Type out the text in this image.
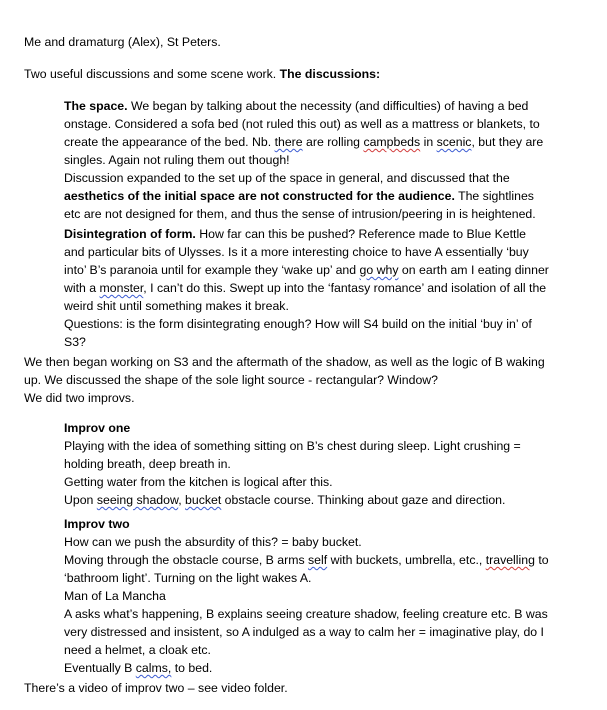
Me and dramaturg (Alex), St Peters.

Two useful discussions and some scene work. The discussions:

The space. We began by talking about the necessity (and difficulties) of having a bed
onstage. Considered a sofa bed (not ruled this out) as well as a mattress or blankets, to
create the appearance of the bed. Nb. there are rolling campbeds in scenic, but they are
singles. Again not ruling them out though!
Discussion expanded to the set up of the space in general, and discussed that the
aesthetics of the initial space are not constructed for the audience. The sightlines
etc are not designed for them, and thus the sense of intrusion/peering in is heightened.
Disintegration of form. How far can this be pushed? Reference made to Blue Kettle
and particular bits of Ulysses. Is it a more interesting choice to have A essentially ‘buy
into’ B’s paranoia until for example they ‘wake up’ and go why on earth am I eating dinner
with a monster, I can’t do this. Swept up into the ‘fantasy romance’ and isolation of all the
weird shit until something makes it break.
Questions: is the form disintegrating enough? How will S4 build on the initial ‘buy in’ of
S3?
We then began working on S3 and the aftermath of the shadow, as well as the logic of B waking
up. We discussed the shape of the sole light source - rectangular? Window?
We did two improvs.
Improv one
Playing with the idea of something sitting on B’s chest during sleep. Light crushing =
holding breath, deep breath in.
Getting water from the kitchen is logical after this.
Upon seeing shadow, bucket obstacle course. Thinking about gaze and direction.
Improv two
How can we push the absurdity of this? = baby bucket.
Moving through the obstacle course, B arms self with buckets, umbrella, etc., travelling to
‘bathroom light’. Turning on the light wakes A.
Man of La Mancha
A asks what’s happening, B explains seeing creature shadow, feeling creature etc. B was
very distressed and insistent, so A indulged as a way to calm her = imaginative play, do I
need a helmet, a cloak etc.
Eventually B calms, to bed.

There’s a video of improv two – see video folder.
